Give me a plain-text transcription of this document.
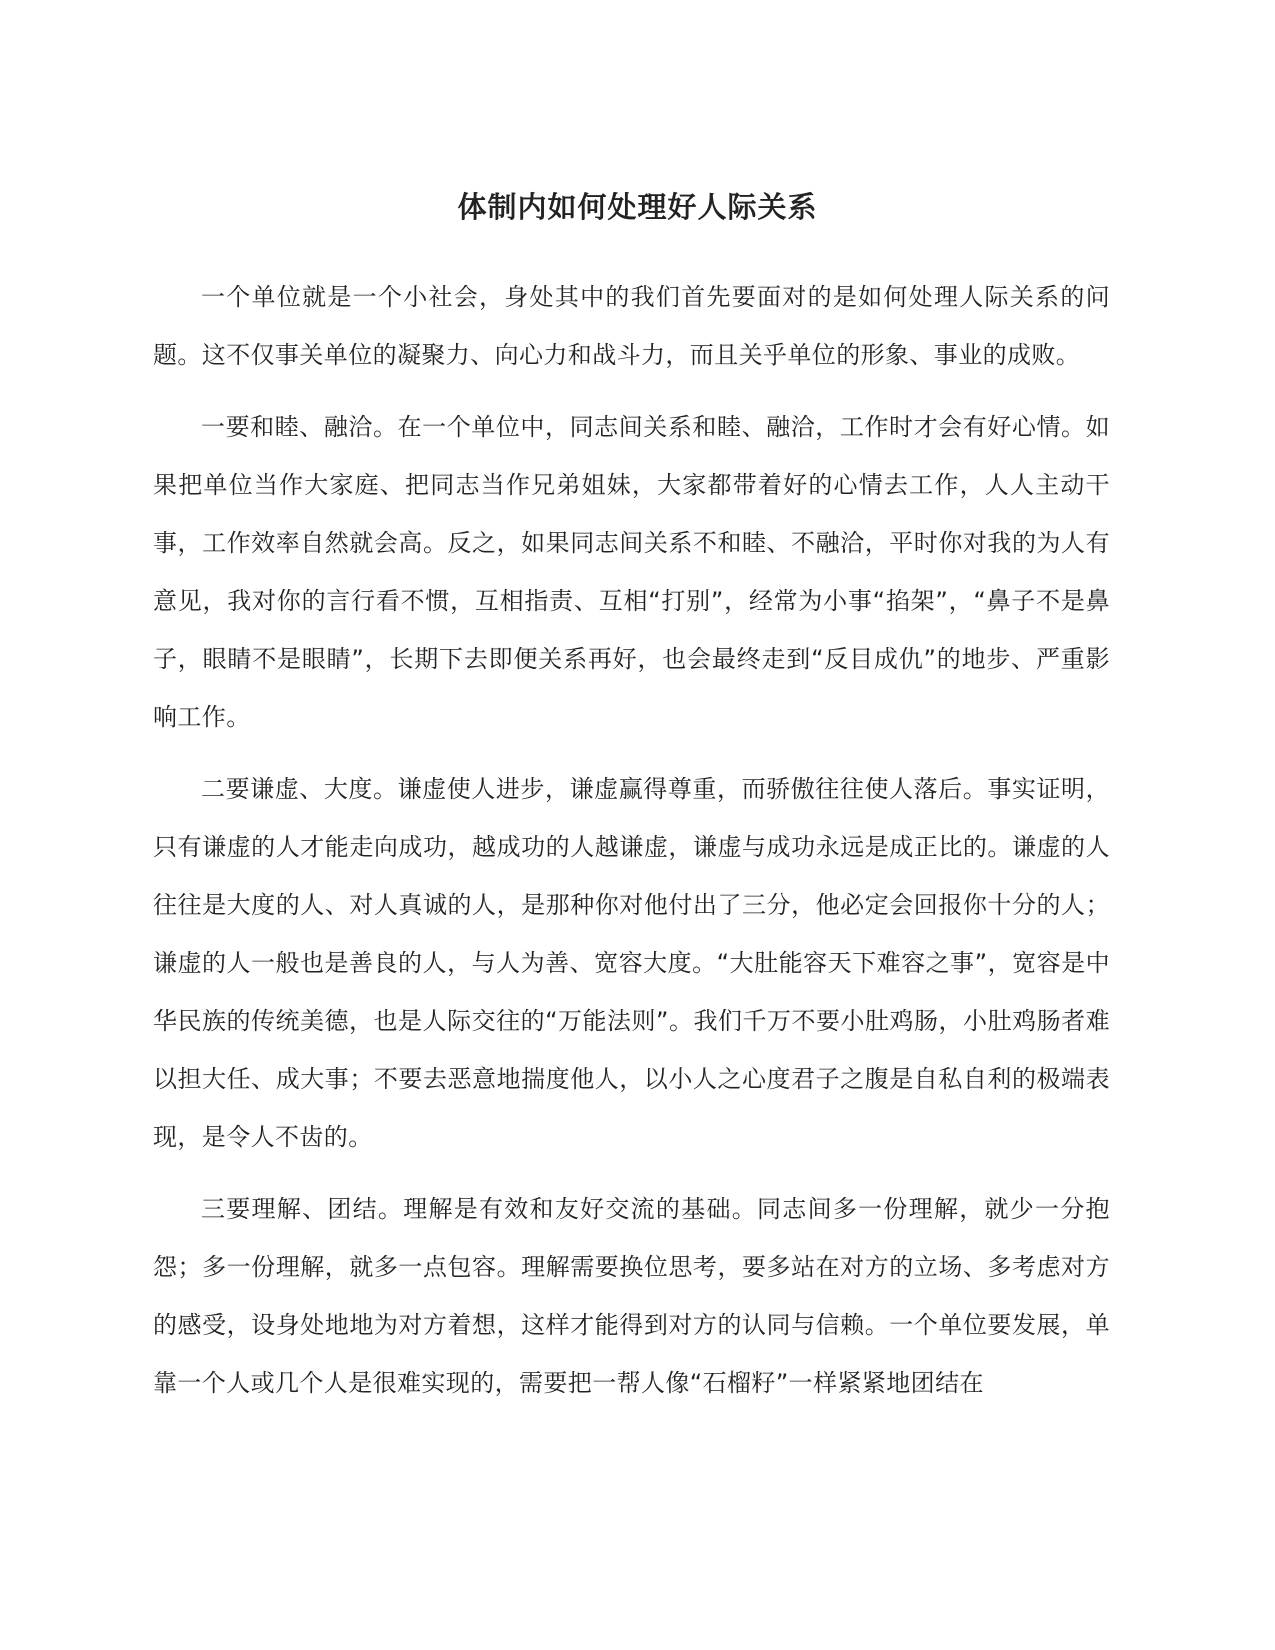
体制内如何处理好人际关系

一个单位就是一个小社会，身处其中的我们首先要面对的是如何处理人际关系的问题。这不仅事关单位的凝聚力、向心力和战斗力，而且关乎单位的形象、事业的成败。

一要和睦、融洽。在一个单位中，同志间关系和睦、融洽，工作时才会有好心情。如果把单位当作大家庭、把同志当作兄弟姐妹，大家都带着好的心情去工作，人人主动干事，工作效率自然就会高。反之，如果同志间关系不和睦、不融洽，平时你对我的为人有意见，我对你的言行看不惯，互相指责、互相“打别”，经常为小事“掐架”，“鼻子不是鼻子，眼睛不是眼睛”，长期下去即便关系再好，也会最终走到“反目成仇”的地步、严重影响工作。

二要谦虚、大度。谦虚使人进步，谦虚赢得尊重，而骄傲往往使人落后。事实证明，只有谦虚的人才能走向成功，越成功的人越谦虚，谦虚与成功永远是成正比的。谦虚的人往往是大度的人、对人真诚的人，是那种你对他付出了三分，他必定会回报你十分的人；谦虚的人一般也是善良的人，与人为善、宽容大度。“大肚能容天下难容之事”，宽容是中华民族的传统美德，也是人际交往的“万能法则”。我们千万不要小肚鸡肠，小肚鸡肠者难以担大任、成大事；不要去恶意地揣度他人，以小人之心度君子之腹是自私自利的极端表现，是令人不齿的。

三要理解、团结。理解是有效和友好交流的基础。同志间多一份理解，就少一分抱怨；多一份理解，就多一点包容。理解需要换位思考，要多站在对方的立场、多考虑对方的感受，设身处地地为对方着想，这样才能得到对方的认同与信赖。一个单位要发展，单靠一个人或几个人是很难实现的，需要把一帮人像“石榴籽”一样紧紧地团结在
